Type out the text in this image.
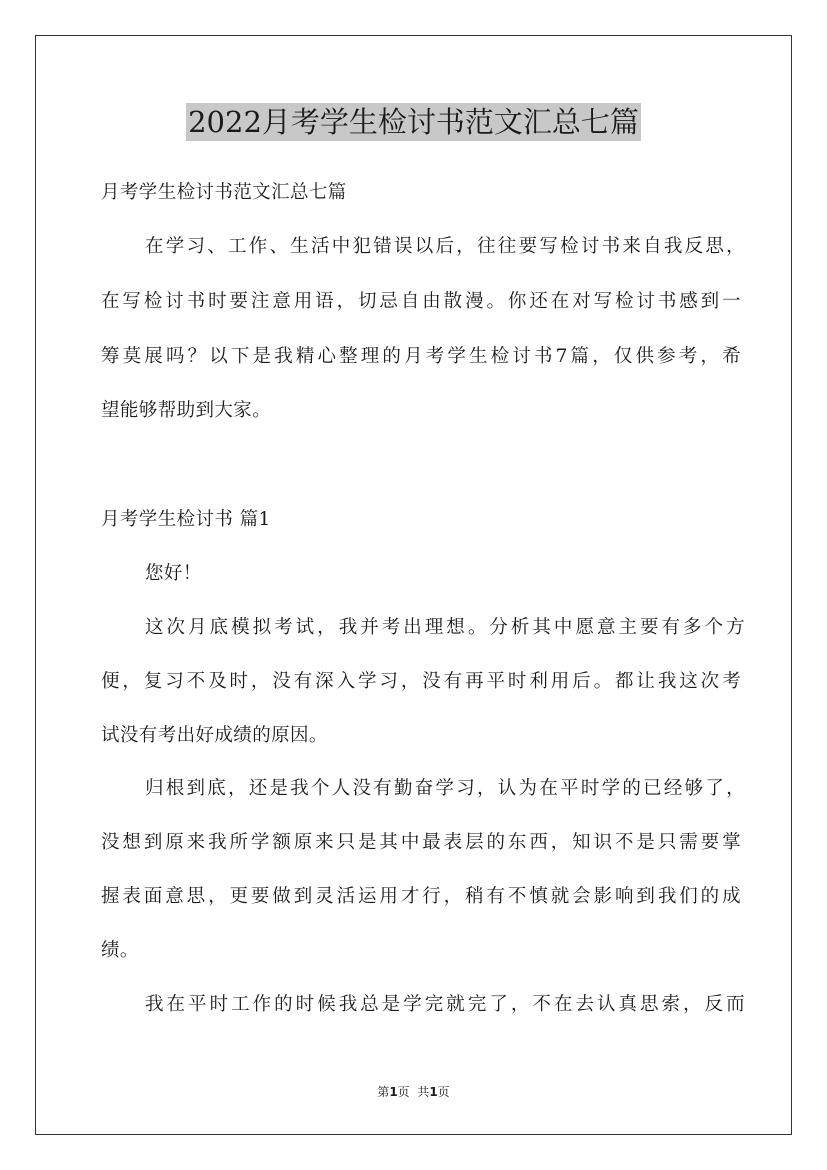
2022月考学生检讨书范文汇总七篇
月考学生检讨书范文汇总七篇
在学习、工作、生活中犯错误以后，往往要写检讨书来自我反思，
在写检讨书时要注意用语，切忌自由散漫。你还在对写检讨书感到一
筹莫展吗？以下是我精心整理的月考学生检讨书7篇，仅供参考，希
望能够帮助到大家。
月考学生检讨书 篇1
您好！
这次月底模拟考试，我并考出理想。分析其中愿意主要有多个方
便，复习不及时，没有深入学习，没有再平时利用后。都让我这次考
试没有考出好成绩的原因。
归根到底，还是我个人没有勤奋学习，认为在平时学的已经够了，
没想到原来我所学额原来只是其中最表层的东西，知识不是只需要掌
握表面意思，更要做到灵活运用才行，稍有不慎就会影响到我们的成
绩。
我在平时工作的时候我总是学完就完了，不在去认真思索，反而
第1页  共1页
